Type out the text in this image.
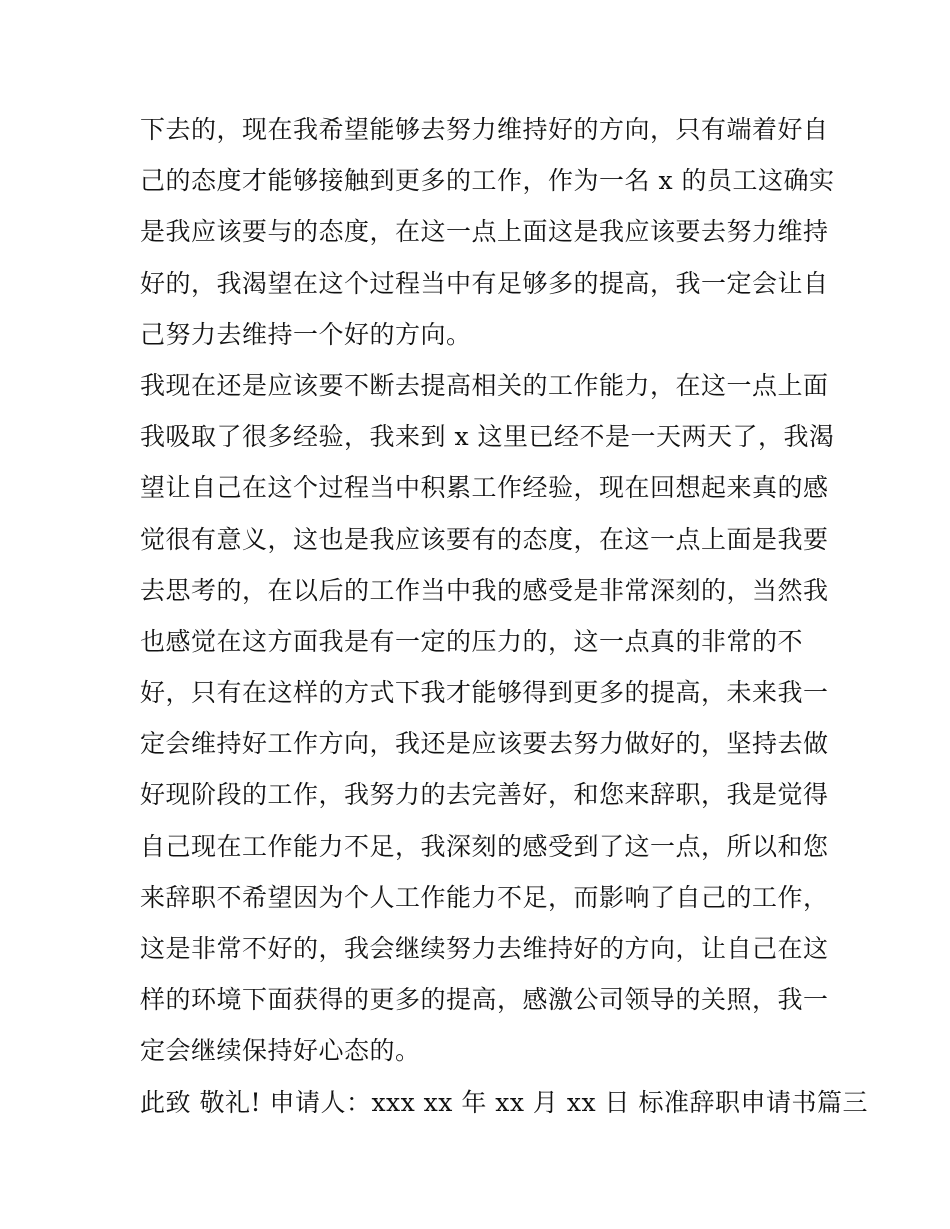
下去的，现在我希望能够去努力维持好的方向，只有端着好自
己的态度才能够接触到更多的工作，作为一名 x 的员工这确实
是我应该要与的态度，在这一点上面这是我应该要去努力维持
好的，我渴望在这个过程当中有足够多的提高，我一定会让自
己努力去维持一个好的方向。
我现在还是应该要不断去提高相关的工作能力，在这一点上面
我吸取了很多经验，我来到 x 这里已经不是一天两天了，我渴
望让自己在这个过程当中积累工作经验，现在回想起来真的感
觉很有意义，这也是我应该要有的态度，在这一点上面是我要
去思考的，在以后的工作当中我的感受是非常深刻的，当然我
也感觉在这方面我是有一定的压力的，这一点真的非常的不
好，只有在这样的方式下我才能够得到更多的提高，未来我一
定会维持好工作方向，我还是应该要去努力做好的，坚持去做
好现阶段的工作，我努力的去完善好，和您来辞职，我是觉得
自己现在工作能力不足，我深刻的感受到了这一点，所以和您
来辞职不希望因为个人工作能力不足，而影响了自己的工作，
这是非常不好的，我会继续努力去维持好的方向，让自己在这
样的环境下面获得的更多的提高，感激公司领导的关照，我一
定会继续保持好心态的。
此致 敬礼! 申请人：xxx xx 年 xx 月 xx 日 标准辞职申请书篇三
